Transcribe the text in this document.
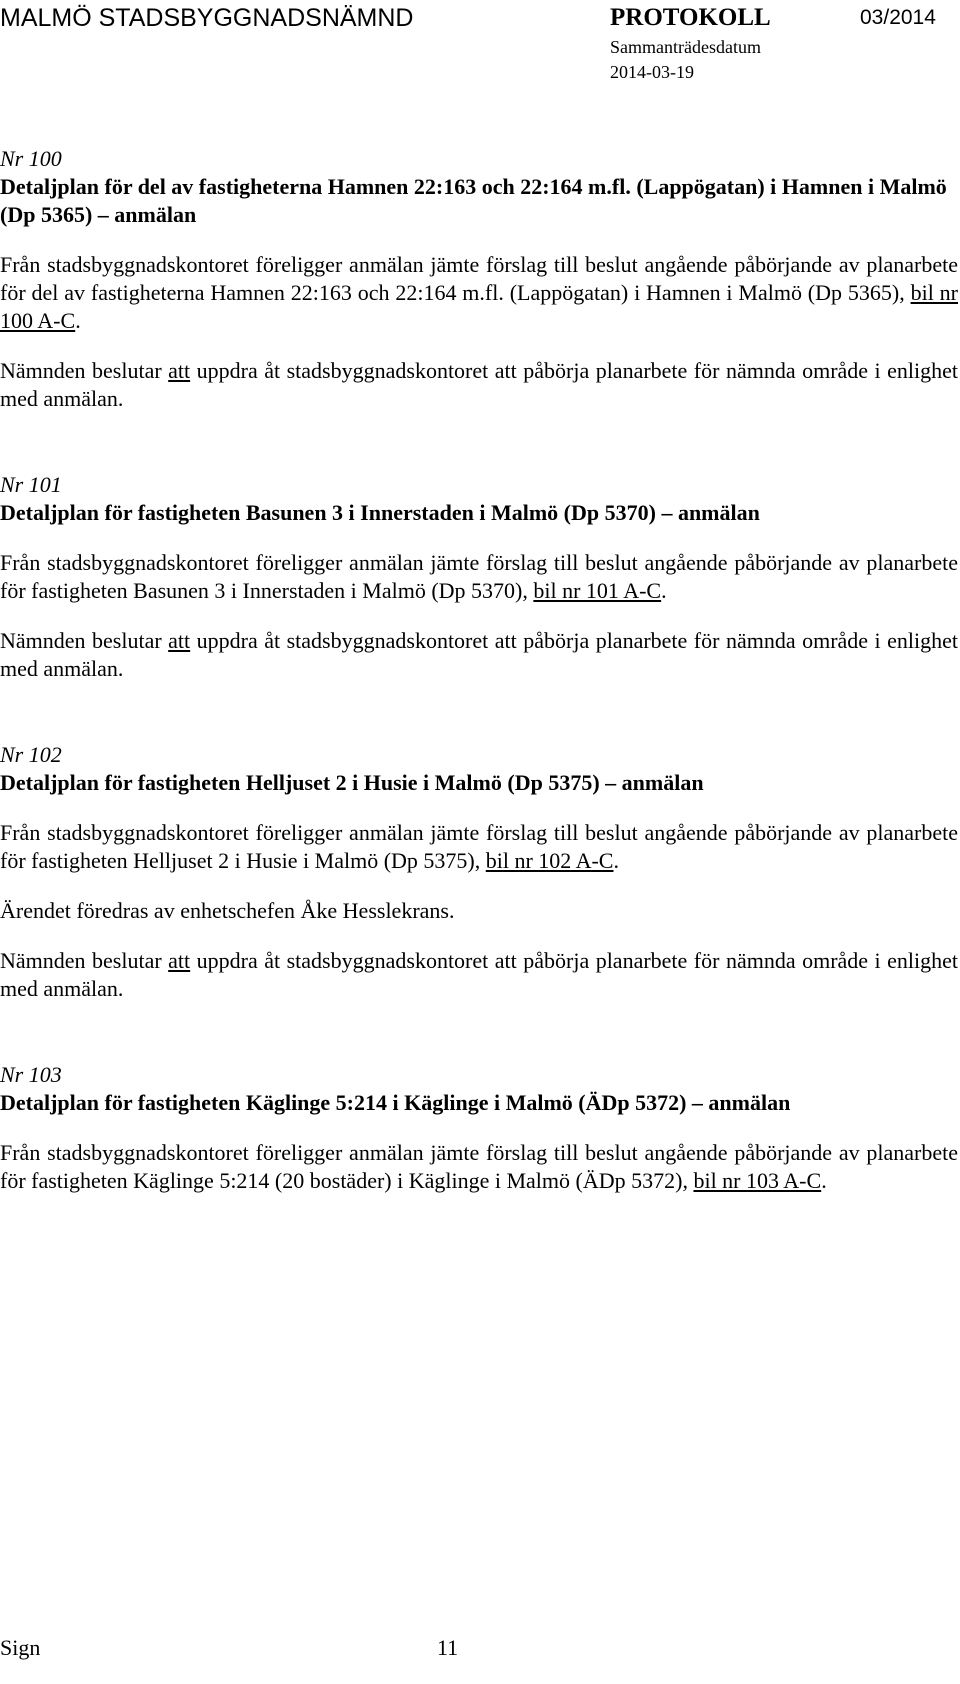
MALMÖ STADSBYGGNADSNÄMND	PROTOKOLL	03/2014
Sammanträdesdatum
2014-03-19

Nr 100

Detaljplan för del av fastigheterna Hamnen 22:163 och 22:164 m.fl. (Lappögatan) i Hamnen i Malmö (Dp 5365) – anmälan

Från stadsbyggnadskontoret föreligger anmälan jämte förslag till beslut angående påbörjande av planarbete för del av fastigheterna Hamnen 22:163 och 22:164 m.fl. (Lappögatan) i Hamnen i Malmö (Dp 5365), bil nr 100 A-C.

Nämnden beslutar att uppdra åt stadsbyggnadskontoret att påbörja planarbete för nämnda område i enlighet med anmälan.

Nr 101

Detaljplan för fastigheten Basunen 3 i Innerstaden i Malmö (Dp 5370) – anmälan

Från stadsbyggnadskontoret föreligger anmälan jämte förslag till beslut angående påbörjande av planarbete för fastigheten Basunen 3 i Innerstaden i Malmö (Dp 5370), bil nr 101 A-C.

Nämnden beslutar att uppdra åt stadsbyggnadskontoret att påbörja planarbete för nämnda område i enlighet med anmälan.

Nr 102

Detaljplan för fastigheten Helljuset 2 i Husie i Malmö (Dp 5375) – anmälan

Från stadsbyggnadskontoret föreligger anmälan jämte förslag till beslut angående påbörjande av planarbete för fastigheten Helljuset 2 i Husie i Malmö (Dp 5375), bil nr 102 A-C.

Ärendet föredras av enhetschefen Åke Hesslekrans.

Nämnden beslutar att uppdra åt stadsbyggnadskontoret att påbörja planarbete för nämnda område i enlighet med anmälan.

Nr 103

Detaljplan för fastigheten Käglinge 5:214 i Käglinge i Malmö (ÄDp 5372) – anmälan

Från stadsbyggnadskontoret föreligger anmälan jämte förslag till beslut angående påbörjande av planarbete för fastigheten Käglinge 5:214 (20 bostäder) i Käglinge i Malmö (ÄDp 5372), bil nr 103 A-C.

Sign	11
